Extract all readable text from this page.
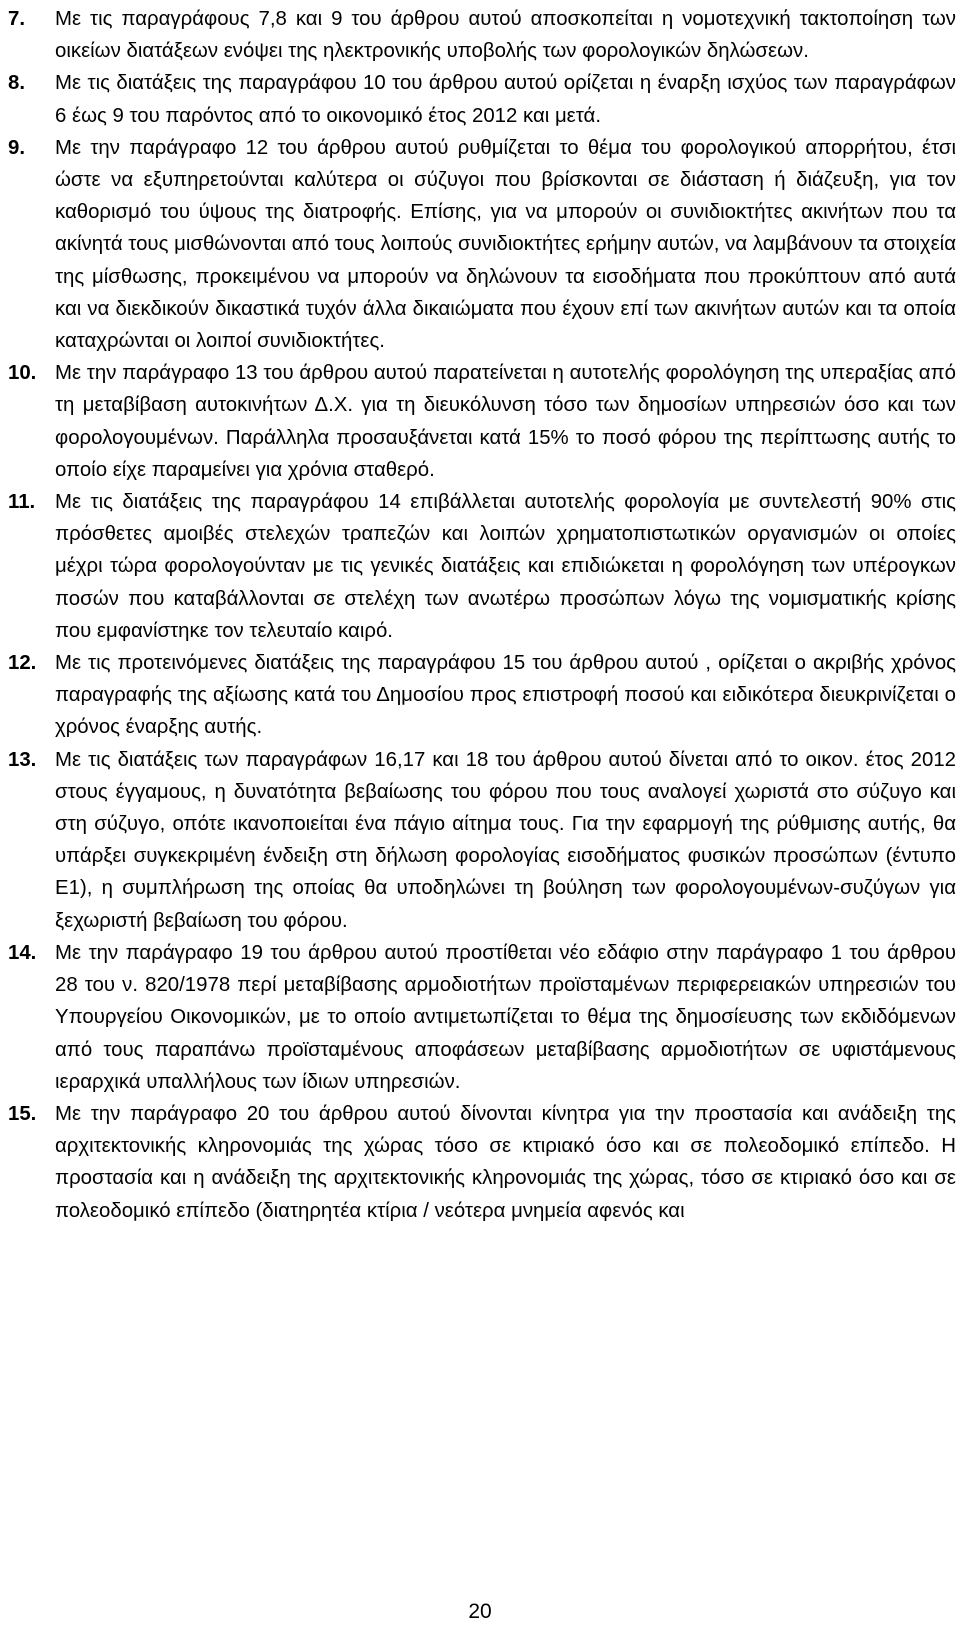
7. Με τις παραγράφους 7,8 και 9 του άρθρου αυτού αποσκοπείται η νομοτεχνική τακτοποίηση των οικείων διατάξεων ενόψει της ηλεκτρονικής υποβολής των φορολογικών δηλώσεων.
8. Με τις διατάξεις της παραγράφου 10 του άρθρου αυτού ορίζεται η έναρξη ισχύος των παραγράφων 6 έως 9 του παρόντος από το οικονομικό έτος 2012 και μετά.
9. Με την παράγραφο 12 του άρθρου αυτού ρυθμίζεται το θέμα του φορολογικού απορρήτου, έτσι ώστε να εξυπηρετούνται καλύτερα οι σύζυγοι που βρίσκονται σε διάσταση ή διάζευξη, για τον καθορισμό του ύψους της διατροφής. Επίσης, για να μπορούν οι συνιδιοκτήτες ακινήτων που τα ακίνητά τους μισθώνονται από τους λοιπούς συνιδιοκτήτες ερήμην αυτών, να λαμβάνουν τα στοιχεία της μίσθωσης, προκειμένου να μπορούν να δηλώνουν τα εισοδήματα που προκύπτουν από αυτά και να διεκδικούν δικαστικά τυχόν άλλα δικαιώματα που έχουν επί των ακινήτων αυτών και τα οποία καταχρώνται οι λοιποί συνιδιοκτήτες.
10. Με την παράγραφο 13 του άρθρου αυτού παρατείνεται η αυτοτελής φορολόγηση της υπεραξίας από τη μεταβίβαση αυτοκινήτων Δ.Χ. για τη διευκόλυνση τόσο των δημοσίων υπηρεσιών όσο και των φορολογουμένων. Παράλληλα προσαυξάνεται κατά 15% το ποσό φόρου της περίπτωσης αυτής το οποίο είχε παραμείνει για χρόνια σταθερό.
11. Με τις διατάξεις της παραγράφου 14 επιβάλλεται αυτοτελής φορολογία με συντελεστή 90% στις πρόσθετες αμοιβές στελεχών τραπεζών και λοιπών χρηματοπιστωτικών οργανισμών οι οποίες μέχρι τώρα φορολογούνταν με τις γενικές διατάξεις και επιδιώκεται η φορολόγηση των υπέρογκων ποσών που καταβάλλονται σε στελέχη των ανωτέρω προσώπων λόγω της νομισματικής κρίσης που εμφανίστηκε τον τελευταίο καιρό.
12. Με τις προτεινόμενες διατάξεις της παραγράφου 15 του άρθρου αυτού , ορίζεται ο ακριβής χρόνος παραγραφής της αξίωσης κατά του Δημοσίου προς επιστροφή ποσού και ειδικότερα διευκρινίζεται ο χρόνος έναρξης αυτής.
13. Με τις διατάξεις των παραγράφων 16,17 και 18 του άρθρου αυτού δίνεται από το οικον. έτος 2012 στους έγγαμους, η δυνατότητα βεβαίωσης του φόρου που τους αναλογεί χωριστά στο σύζυγο και στη σύζυγο, οπότε ικανοποιείται ένα πάγιο αίτημα τους. Για την εφαρμογή της ρύθμισης αυτής, θα υπάρξει συγκεκριμένη ένδειξη στη δήλωση φορολογίας εισοδήματος φυσικών προσώπων (έντυπο Ε1), η συμπλήρωση της οποίας θα υποδηλώνει τη βούληση των φορολογουμένων-συζύγων για ξεχωριστή βεβαίωση του φόρου.
14. Με την παράγραφο 19 του άρθρου αυτού προστίθεται νέο εδάφιο στην παράγραφο 1 του άρθρου 28 του ν. 820/1978 περί μεταβίβασης αρμοδιοτήτων προϊσταμένων περιφερειακών υπηρεσιών του Υπουργείου Οικονομικών, με το οποίο αντιμετωπίζεται το θέμα της δημοσίευσης των εκδιδόμενων από τους παραπάνω προϊσταμένους αποφάσεων μεταβίβασης αρμοδιοτήτων σε υφιστάμενους ιεραρχικά υπαλλήλους των ίδιων υπηρεσιών.
15. Με την παράγραφο 20 του άρθρου αυτού δίνονται κίνητρα για την προστασία και ανάδειξη της αρχιτεκτονικής κληρονομιάς της χώρας τόσο σε κτιριακό όσο και σε πολεοδομικό επίπεδο. Η προστασία και η ανάδειξη της αρχιτεκτονικής κληρονομιάς της χώρας, τόσο σε κτιριακό όσο και σε πολεοδομικό επίπεδο (διατηρητέα κτίρια / νεότερα μνημεία αφενός και
20
